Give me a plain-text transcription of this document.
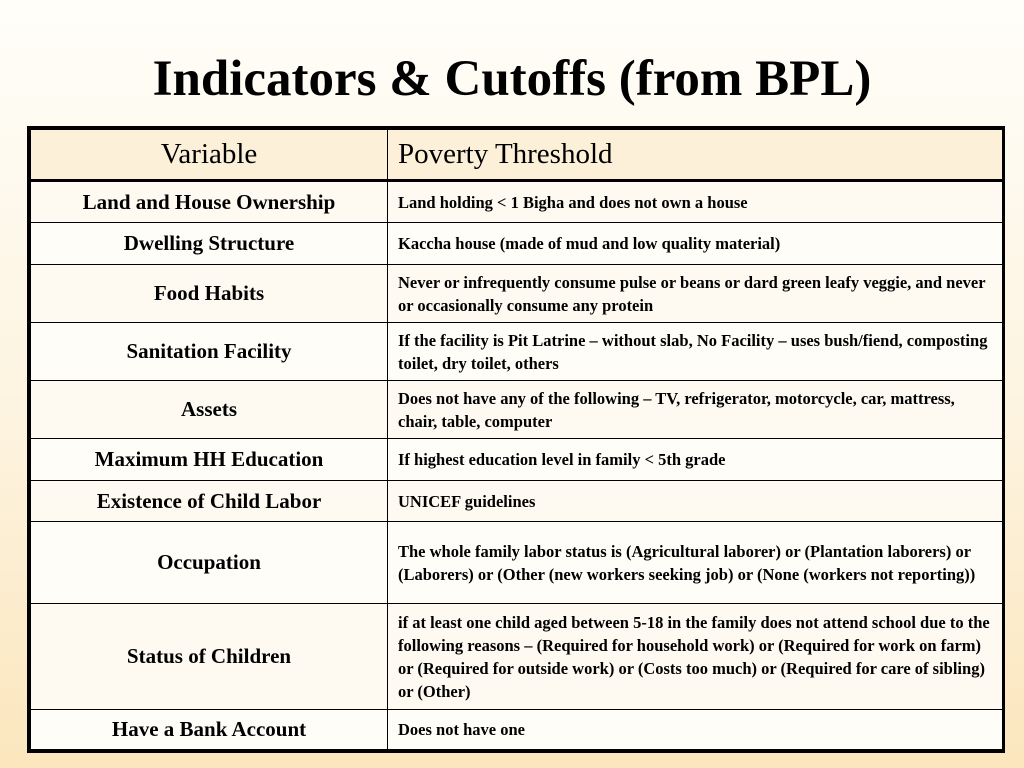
Indicators & Cutoffs (from BPL)
Variable	Poverty Threshold
Land and House Ownership	Land holding < 1 Bigha and does not own a house
Dwelling Structure	Kaccha house (made of mud and low quality material)
Food Habits	Never or infrequently consume pulse or beans or dard green leafy veggie, and never or occasionally consume any protein
Sanitation Facility	If the facility is Pit Latrine – without slab, No Facility – uses bush/fiend, composting toilet, dry toilet, others
Assets	Does not have any of the following – TV, refrigerator, motorcycle, car, mattress, chair, table, computer
Maximum HH Education	If highest education level in family < 5th grade
Existence of Child Labor	UNICEF guidelines
Occupation	The whole family labor status is (Agricultural laborer) or (Plantation laborers) or (Laborers) or (Other (new workers seeking job) or (None (workers not reporting))
Status of Children	if at least one child aged between 5-18 in the family does not attend school due to the following reasons – (Required for household work) or (Required for work on farm) or (Required for outside work) or (Costs too much) or (Required for care of sibling) or (Other)
Have a Bank Account	Does not have one
